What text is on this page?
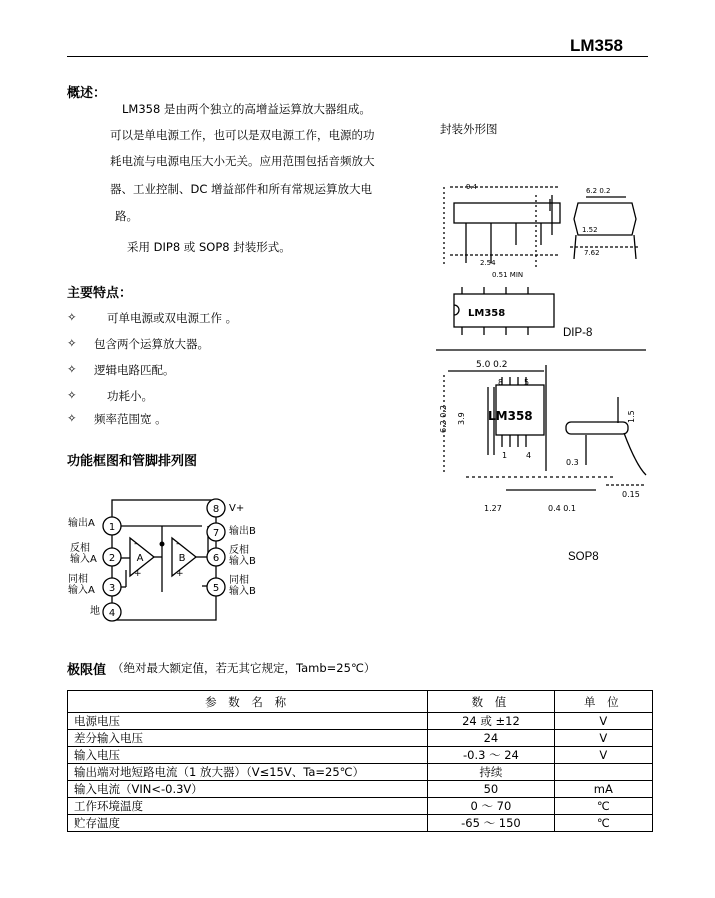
LM358
概述：
LM358 是由两个独立的高增益运算放大器组成。
可以是单电源工作，也可以是双电源工作，电源的功
耗电流与电源电压大小无关。应用范围包括音频放大
器、工业控制、DC 增益部件和所有常规运算放大电
路。
采用 DIP8 或 SOP8 封装形式。
封装外形图
9.4	6.2 0.2
1.52
7.62
2.54
0.51 MIN
5.0 0.2
8	5
6.2 0.2 3.9	1.5
0.3
0.15
1 4
1.27	0.4 0.1
LM358
LM358
DIP-8
SOP8
主要特点：
✧	可单电源或双电源工作 。
✧ 包含两个运算放大器。
✧ 逻辑电路匹配。
✧	功耗小。
✧ 频率范围宽 。
功能框图和管脚排列图
1
2
3
4
5
6
7
8
A	B
-
+
-
+
输出A
反相
输入A
同相
输入A
地
同相
输入B
反相
输入B
输出B
V+
极限值 （绝对最大额定值，若无其它规定，Tamb=25℃）
参 数 名 称	数 值	单 位
电源电压	24 或 ±12	V
差分输入电压	24	V
输入电压	-0.3 ～ 24	V
输出端对地短路电流（1 放大器）（V≤15V、Ta=25℃）	持续	
输入电流（VIN<-0.3V）	50	mA
工作环境温度	0 ～ 70	℃
贮存温度	-65 ～ 150	℃
